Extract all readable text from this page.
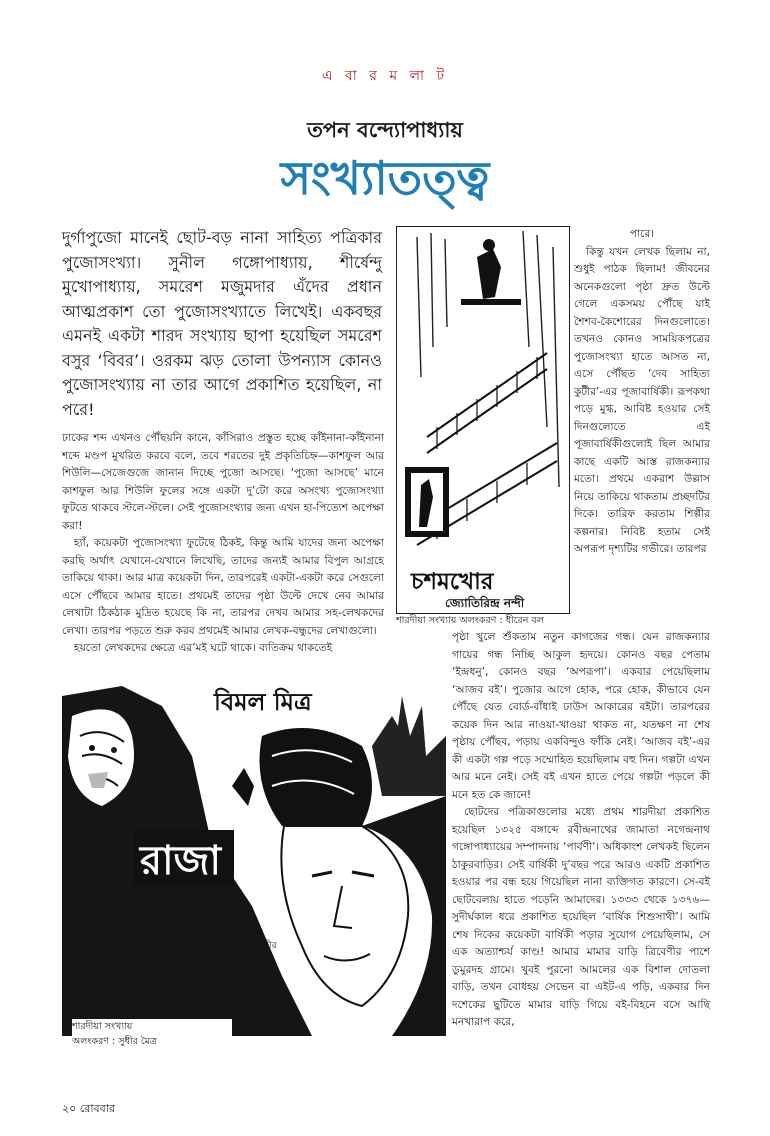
এ বা র ম লা ট
তপন বন্দ্যোপাধ্যায়
সংখ্যাতত্ত্ব
দুর্গাপুজো মানেই ছোট-বড় নানা সাহিত্য পত্রিকার পুজোসংখ্যা। সুনীল গঙ্গোপাধ্যায়, শীর্ষেন্দু মুখোপাধ্যায়, সমরেশ মজুমদার এঁদের প্রধান আত্মপ্রকাশ তো পুজোসংখ্যাতে লিখেই। একবছর এমনই একটা শারদ সংখ্যায় ছাপা হয়েছিল সমরেশ বসুর ‘বিবর’। ওরকম ঝড় তোলা উপন্যাস কোনও পুজোসংখ্যায় না তার আগে প্রকাশিত হয়েছিল, না পরে!

ঢাকের শব্দ এখনও পৌঁছয়নি কানে, কাঁসিরাও প্রস্তুত হচ্ছে কাঁইনানা-কাঁইনানা শব্দে মণ্ডপ মুখরিত করবে বলে, তবে শরতের দুই প্রকৃতিচিহ্ন—কাশফুল আর শিউলি—সেজেগুজে জানান দিচ্ছে পুজো আসছে। ‘পুজো আসছে’ মানে কাশফুল আর শিউলি ফুলের সঙ্গে একটা দু’টো করে অসংখ্য পুজোসংখ্যা ফুটতে থাকবে স্টলে-স্টলে। সেই পুজোসংখ্যার জন্য এখন হা-পিত্যেশ অপেক্ষা করা!

হ্যাঁ, কয়েকটা পুজোসংখ্যা ফুটেছে ঠিকই, কিন্তু আমি যাদের জন্য অপেক্ষা করছি অর্থাৎ যেখানে-যেখানে লিখেছি, তাদের জন্যই আমার বিপুল আগ্রহে তাকিয়ে থাকা। আর মাত্র কয়েকটা দিন, তারপরেই একটা-একটা করে সেগুলো এসে পৌঁছবে আমার হাতে। প্রথমেই তাদের পৃষ্ঠা উল্টে দেখে নেব আমার লেখাটা ঠিকঠাক মুদ্রিত হয়েছে কি না, তারপর দেখব আমার সহ-লেখকদের লেখা। তারপর পড়তে শুরু করব প্রথমেই আমার লেখক-বন্ধুদের লেখাগুলো।

হয়তো লেখকদের ক্ষেত্রে এর’মই ঘটে থাকে। ব্যতিক্রম থাকতেই

চশমখোর
জ্যোতিরিন্দ্র নন্দী
শারদীয়া সংখ্যায় অলংকরণ : ধীরেন বল

পারে।

কিন্তু যখন লেখক ছিলাম না, শুধুই পাঠক ছিলাম! জীবনের অনেকগুলো পৃষ্ঠা দ্রুত উল্টে গেলে একসময় পৌঁছে যাই শৈশব-কৈশোরের দিনগুলোতে। তখনও কোনও সাময়িকপত্রের পুজোসংখ্যা হাতে আসত না, এসে পৌঁছত ‘দেব সাহিত্য কুটীর’-এর পূজাবার্ষিকী। রূপকথা পড়ে মুগ্ধ, আবিষ্ট হওয়ার সেই দিনগুলোতে এই পূজাবার্ষিকীগুলোই ছিল আমার কাছে একটি আস্ত রাজকন্যার মতো। প্রথমে একরাশ উল্লাস নিয়ে তাকিয়ে থাকতাম প্রচ্ছদটির দিকে। তারিফ করতাম শিল্পীর কল্পনার। নিবিষ্ট হতাম সেই অপরূপ দৃশ্যটির গভীরে। তারপর

পৃষ্ঠা খুলে শুঁকতাম নতুন কাগজের গন্ধ। যেন রাজকন্যার গায়ের গন্ধ নিচ্ছি আকুল হৃদয়ে। কোনও বছর পেতাম ‘ইন্দ্রধনু’, কোনও বছর ‘অপরূপা’। একবার পেয়েছিলাম ‘আজব বই’। পুজোর আগে হোক, পরে হোক, কীভাবে যেন পৌঁছে যেত বোর্ড-বাঁধাই ঢাউস আকারের বইটা। তারপরের কয়েক দিন আর নাওয়া-খাওয়া থাকত না, যতক্ষণ না শেষ পৃষ্ঠায় পৌঁছব, পড়ায় একবিন্দুও ফাঁকি নেই। ‘আজব বই’-এর কী একটা গল্প পড়ে সম্মোহিত হয়েছিলাম বহু দিন। গল্পটা এখন আর মনে নেই। সেই বই এখন হাতে পেয়ে গল্পটা পড়লে কী মনে হত কে জানে!

ছোটদের পত্রিকাগুলোর মধ্যে প্রথম শারদীয়া প্রকাশিত হয়েছিল ১৩২৫ বঙ্গাব্দে রবীন্দ্রনাথের জামাতা নগেন্দ্রনাথ গঙ্গোপাধ্যায়ের সম্পাদনায় ‘পার্বণী’। অধিকাংশ লেখকই ছিলেন ঠাকুরবাড়ির। সেই বার্ষিকী দু’বছর পরে আরও একটি প্রকাশিত হওয়ার পর বন্ধ হয়ে গিয়েছিল নানা ব্যক্তিগত কারণে। সে-বই ছোটবেলায় হাতে পড়েনি আমাদের। ১৩৩৩ থেকে ১৩৭৬—সুদীর্ঘকাল ধরে প্রকাশিত হয়েছিল ‘বার্ষিক শিশুসাথী’। আমি শেষ দিকের কয়েকটা বার্ষিকী পড়ার সুযোগ পেয়েছিলাম, সে এক অত্যাশ্চর্য কাণ্ড! আমার মামার বাড়ি ত্রিবেণীর পাশে ডুমুরদহ গ্রামে। খুবই পুরনো আমলের এক বিশাল দোতলা বাড়ি, তখন বোধহয় সেভেন বা এইট-এ পড়ি, একবার দিন দশেকের ছুটিতে মামার বাড়ি গিয়ে বই-বিহনে বসে আছি মনখারাপ করে,

বিমল মিত্র
রাজা
সুধীর
শারদীয়া সংখ্যায়
অলংকরণ : সুধীর মৈত্র
২০ রোববার
